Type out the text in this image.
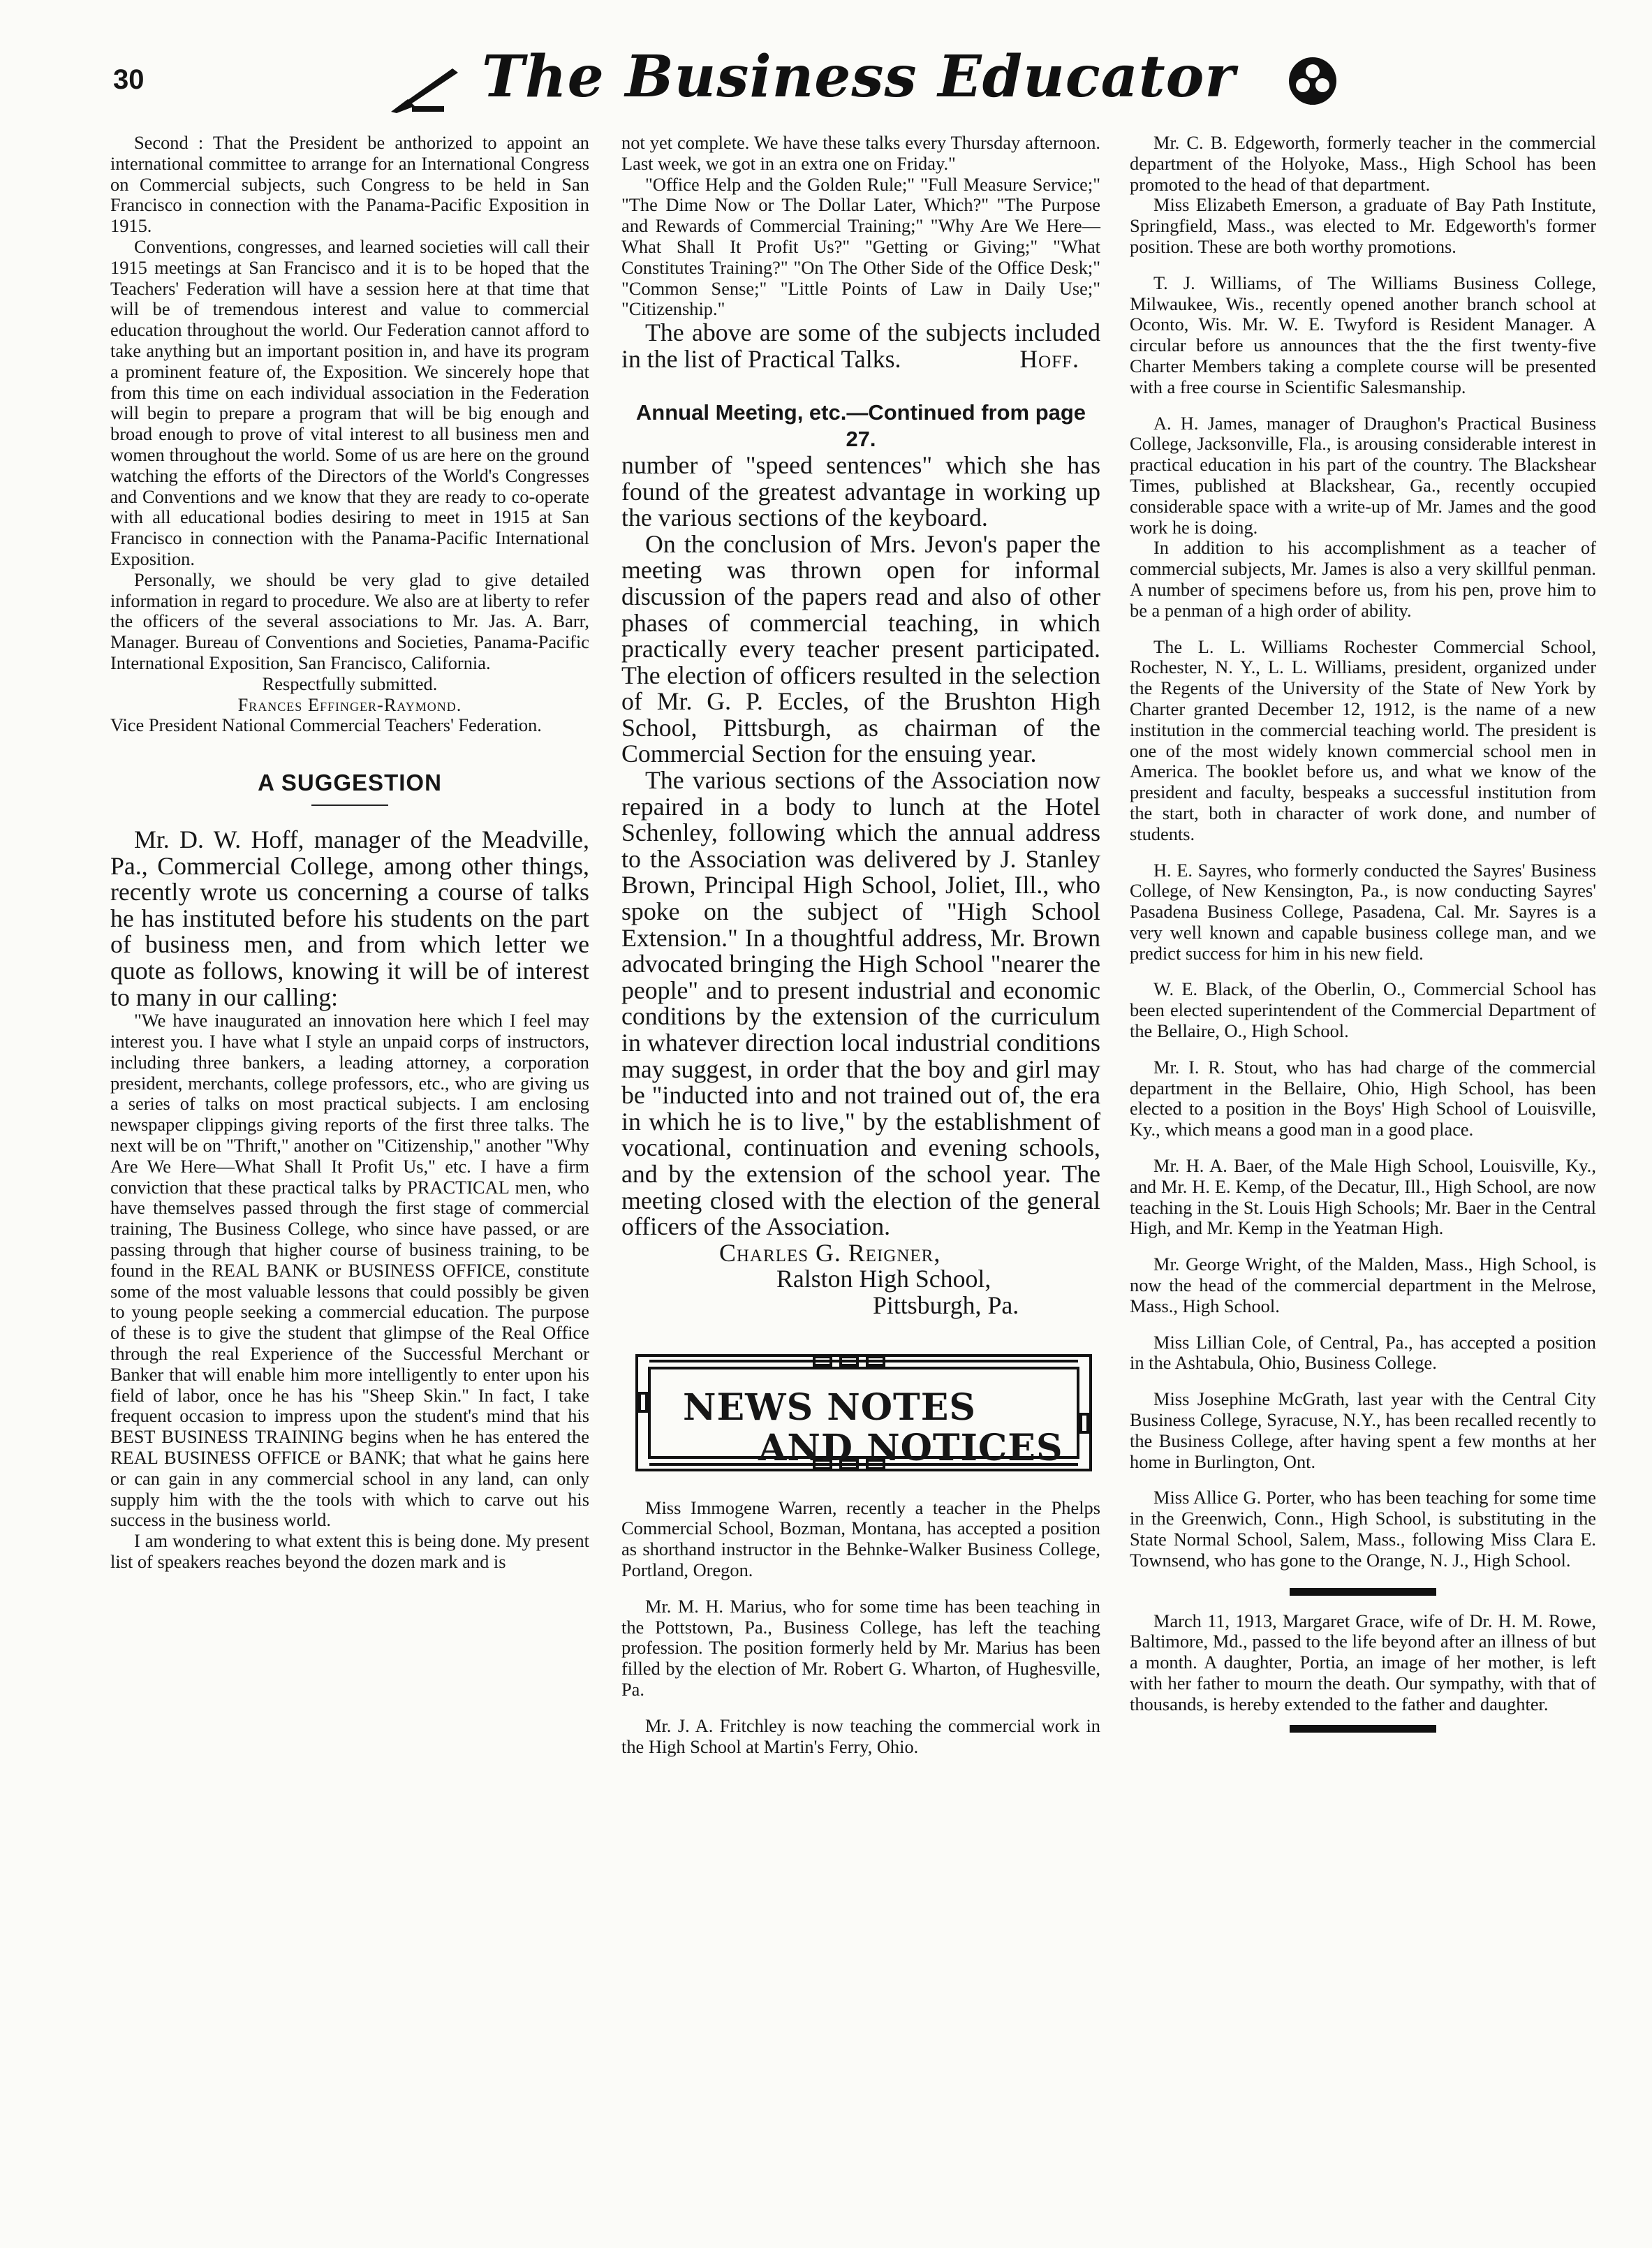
30	The Business Educator

Second : That the President be anthorized to appoint an international committee to arrange for an International Congress on Commercial subjects, such Congress to be held in San Francisco in connection with the Panama-Pacific Exposition in 1915.

Conventions, congresses, and learned societies will call their 1915 meetings at San Francisco and it is to be hoped that the Teachers' Federation will have a session here at that time that will be of tremendous interest and value to commercial education throughout the world. Our Federation cannot afford to take anything but an important position in, and have its program a prominent feature of, the Exposition. We sincerely hope that from this time on each individual association in the Federation will begin to prepare a program that will be big enough and broad enough to prove of vital interest to all business men and women throughout the world. Some of us are here on the ground watching the efforts of the Directors of the World's Congresses and Conventions and we know that they are ready to co-operate with all educational bodies desiring to meet in 1915 at San Francisco in connection with the Panama-Pacific International Exposition.

Personally, we should be very glad to give detailed information in regard to procedure. We also are at liberty to refer the officers of the several associations to Mr. Jas. A. Barr, Manager. Bureau of Conventions and Societies, Panama-Pacific International Exposition, San Francisco, California.

Respectfully submitted.

Frances Effinger-Raymond.

Vice President National Commercial Teachers' Federation.

A SUGGESTION

Mr. D. W. Hoff, manager of the Meadville, Pa., Commercial College, among other things, recently wrote us concerning a course of talks he has instituted before his students on the part of business men, and from which letter we quote as follows, knowing it will be of interest to many in our calling:

"We have inaugurated an innovation here which I feel may interest you. I have what I style an unpaid corps of instructors, including three bankers, a leading attorney, a corporation president, merchants, college professors, etc., who are giving us a series of talks on most practical subjects. I am enclosing newspaper clippings giving reports of the first three talks. The next will be on "Thrift," another on "Citizenship," another "Why Are We Here—What Shall It Profit Us," etc. I have a firm conviction that these practical talks by PRACTICAL men, who have themselves passed through the first stage of commercial training, The Business College, who since have passed, or are passing through that higher course of business training, to be found in the REAL BANK or BUSINESS OFFICE, constitute some of the most valuable lessons that could possibly be given to young people seeking a commercial education. The purpose of these is to give the student that glimpse of the Real Office through the real Experience of the Successful Merchant or Banker that will enable him more intelligently to enter upon his field of labor, once he has his "Sheep Skin." In fact, I take frequent occasion to impress upon the student's mind that his BEST BUSINESS TRAINING begins when he has entered the REAL BUSINESS OFFICE or BANK; that what he gains here or can gain in any commercial school in any land, can only supply him with the the tools with which to carve out his success in the business world.

I am wondering to what extent this is being done. My present list of speakers reaches beyond the dozen mark and is

not yet complete. We have these talks every Thursday afternoon. Last week, we got in an extra one on Friday."

"Office Help and the Golden Rule;" "Full Measure Service;" "The Dime Now or The Dollar Later, Which?" "The Purpose and Rewards of Commercial Training;" "Why Are We Here—What Shall It Profit Us?" "Getting or Giving;" "What Constitutes Training?" "On The Other Side of the Office Desk;" "Common Sense;" "Little Points of Law in Daily Use;" "Citizenship."

The above are some of the subjects included in the list of Practical Talks.	Hoff.

Annual Meeting, etc.—Continued from page 27.

number of "speed sentences" which she has found of the greatest advantage in working up the various sections of the keyboard.

On the conclusion of Mrs. Jevon's paper the meeting was thrown open for informal discussion of the papers read and also of other phases of commercial teaching, in which practically every teacher present participated. The election of officers resulted in the selection of Mr. G. P. Eccles, of the Brushton High School, Pittsburgh, as chairman of the Commercial Section for the ensuing year.

The various sections of the Association now repaired in a body to lunch at the Hotel Schenley, following which the annual address to the Association was delivered by J. Stanley Brown, Principal High School, Joliet, Ill., who spoke on the subject of "High School Extension." In a thoughtful address, Mr. Brown advocated bringing the High School "nearer the people" and to present industrial and economic conditions by the extension of the curriculum in whatever direction local industrial conditions may suggest, in order that the boy and girl may be "inducted into and not trained out of, the era in which he is to live," by the establishment of vocational, continuation and evening schools, and by the extension of the school year. The meeting closed with the election of the general officers of the Association.

Charles G. Reigner,

Ralston High School,

Pittsburgh, Pa.

NEWS NOTES
AND NOTICES

Miss Immogene Warren, recently a teacher in the Phelps Commercial School, Bozman, Montana, has accepted a position as shorthand instructor in the Behnke-Walker Business College, Portland, Oregon.

Mr. M. H. Marius, who for some time has been teaching in the Pottstown, Pa., Business College, has left the teaching profession. The position formerly held by Mr. Marius has been filled by the election of Mr. Robert G. Wharton, of Hughesville, Pa.

Mr. J. A. Fritchley is now teaching the commercial work in the High School at Martin's Ferry, Ohio.

Mr. C. B. Edgeworth, formerly teacher in the commercial department of the Holyoke, Mass., High School has been promoted to the head of that department.

Miss Elizabeth Emerson, a graduate of Bay Path Institute, Springfield, Mass., was elected to Mr. Edgeworth's former position. These are both worthy promotions.

T. J. Williams, of The Williams Business College, Milwaukee, Wis., recently opened another branch school at Oconto, Wis. Mr. W. E. Twyford is Resident Manager. A circular before us announces that the the first twenty-five Charter Members taking a complete course will be presented with a free course in Scientific Salesmanship.

A. H. James, manager of Draughon's Practical Business College, Jacksonville, Fla., is arousing considerable interest in practical education in his part of the country. The Blackshear Times, published at Blackshear, Ga., recently occupied considerable space with a write-up of Mr. James and the good work he is doing.

In addition to his accomplishment as a teacher of commercial subjects, Mr. James is also a very skillful penman. A number of specimens before us, from his pen, prove him to be a penman of a high order of ability.

The L. L. Williams Rochester Commercial School, Rochester, N. Y., L. L. Williams, president, organized under the Regents of the University of the State of New York by Charter granted December 12, 1912, is the name of a new institution in the commercial teaching world. The president is one of the most widely known commercial school men in America. The booklet before us, and what we know of the president and faculty, bespeaks a successful institution from the start, both in character of work done, and number of students.

H. E. Sayres, who formerly conducted the Sayres' Business College, of New Kensington, Pa., is now conducting Sayres' Pasadena Business College, Pasadena, Cal. Mr. Sayres is a very well known and capable business college man, and we predict success for him in his new field.

W. E. Black, of the Oberlin, O., Commercial School has been elected superintendent of the Commercial Department of the Bellaire, O., High School.

Mr. I. R. Stout, who has had charge of the commercial department in the Bellaire, Ohio, High School, has been elected to a position in the Boys' High School of Louisville, Ky., which means a good man in a good place.

Mr. H. A. Baer, of the Male High School, Louisville, Ky., and Mr. H. E. Kemp, of the Decatur, Ill., High School, are now teaching in the St. Louis High Schools; Mr. Baer in the Central High, and Mr. Kemp in the Yeatman High.

Mr. George Wright, of the Malden, Mass., High School, is now the head of the commercial department in the Melrose, Mass., High School.

Miss Lillian Cole, of Central, Pa., has accepted a position in the Ashtabula, Ohio, Business College.

Miss Josephine McGrath, last year with the Central City Business College, Syracuse, N.Y., has been recalled recently to the Business College, after having spent a few months at her home in Burlington, Ont.

Miss Allice G. Porter, who has been teaching for some time in the Greenwich, Conn., High School, is substituting in the State Normal School, Salem, Mass., following Miss Clara E. Townsend, who has gone to the Orange, N. J., High School.

March 11, 1913, Margaret Grace, wife of Dr. H. M. Rowe, Baltimore, Md., passed to the life beyond after an illness of but a month. A daughter, Portia, an image of her mother, is left with her father to mourn the death. Our sympathy, with that of thousands, is hereby extended to the father and daughter.
